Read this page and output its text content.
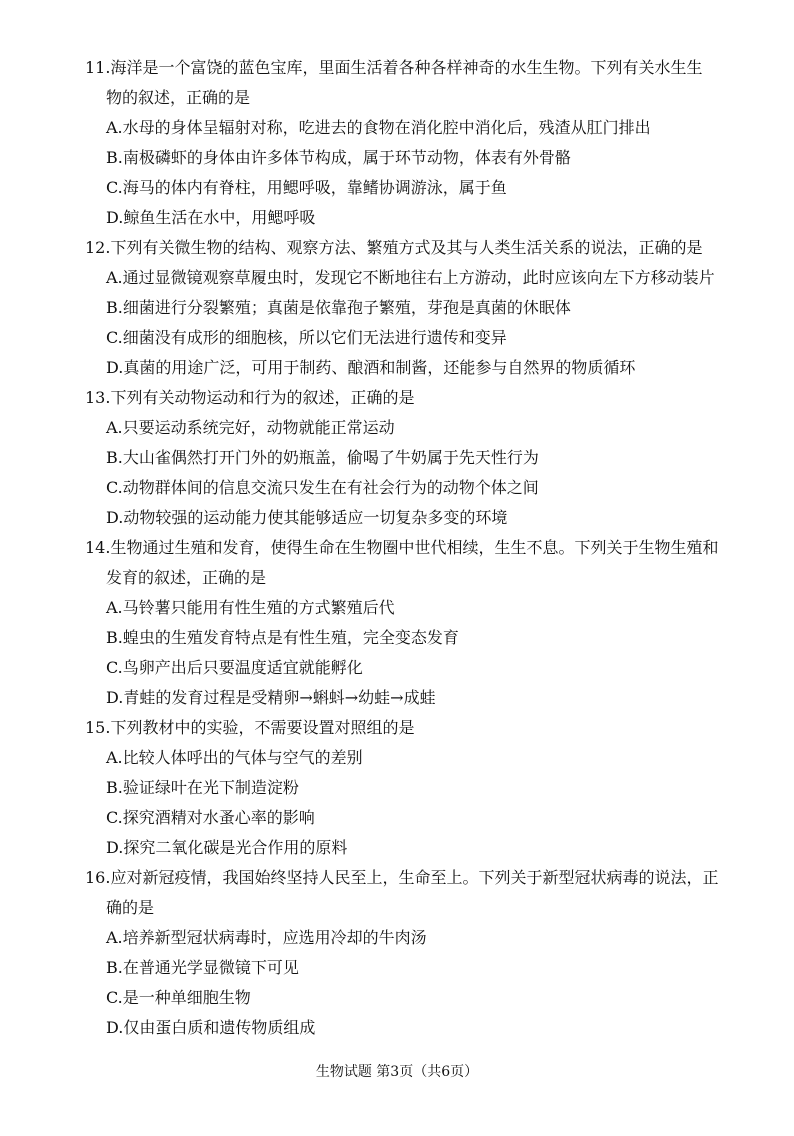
11.海洋是一个富饶的蓝色宝库，里面生活着各种各样神奇的水生生物。下列有关水生生
物的叙述，正确的是
A.水母的身体呈辐射对称，吃进去的食物在消化腔中消化后，残渣从肛门排出
B.南极磷虾的身体由许多体节构成，属于环节动物，体表有外骨骼
C.海马的体内有脊柱，用鳃呼吸，靠鳍协调游泳，属于鱼
D.鲸鱼生活在水中，用鳃呼吸
12.下列有关微生物的结构、观察方法、繁殖方式及其与人类生活关系的说法，正确的是
A.通过显微镜观察草履虫时，发现它不断地往右上方游动，此时应该向左下方移动装片
B.细菌进行分裂繁殖；真菌是依靠孢子繁殖，芽孢是真菌的休眠体
C.细菌没有成形的细胞核，所以它们无法进行遗传和变异
D.真菌的用途广泛，可用于制药、酿酒和制酱，还能参与自然界的物质循环
13.下列有关动物运动和行为的叙述，正确的是
A.只要运动系统完好，动物就能正常运动
B.大山雀偶然打开门外的奶瓶盖，偷喝了牛奶属于先天性行为
C.动物群体间的信息交流只发生在有社会行为的动物个体之间
D.动物较强的运动能力使其能够适应一切复杂多变的环境
14.生物通过生殖和发育，使得生命在生物圈中世代相续，生生不息。下列关于生物生殖和
发育的叙述，正确的是
A.马铃薯只能用有性生殖的方式繁殖后代
B.蝗虫的生殖发育特点是有性生殖，完全变态发育
C.鸟卵产出后只要温度适宜就能孵化
D.青蛙的发育过程是受精卵→蝌蚪→幼蛙→成蛙
15.下列教材中的实验，不需要设置对照组的是
A.比较人体呼出的气体与空气的差别
B.验证绿叶在光下制造淀粉
C.探究酒精对水蚤心率的影响
D.探究二氧化碳是光合作用的原料
16.应对新冠疫情，我国始终坚持人民至上，生命至上。下列关于新型冠状病毒的说法，正
确的是
A.培养新型冠状病毒时，应选用冷却的牛肉汤
B.在普通光学显微镜下可见
C.是一种单细胞生物
D.仅由蛋白质和遗传物质组成
生物试题 第3页（共6页）
